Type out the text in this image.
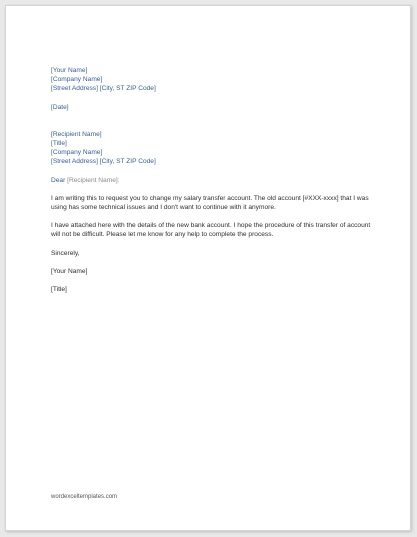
[Your Name]
[Company Name]
[Street Address] [City, ST ZIP Code]
[Date]
[Recipient Name]
[Title]
[Company Name]
[Street Address] [City, ST ZIP Code]
Dear [Recipient Name]:

I am writing this to request you to change my salary transfer account. The old account [#XXX-xxxx] that I was using has some technical issues and I don't want to continue with it anymore.

I have attached here with the details of the new bank account. I hope the procedure of this transfer of account will not be difficult. Please let me know for any help to complete the process.

Sincerely,
[Your Name]
[Title]
wordexceltemplates.com
